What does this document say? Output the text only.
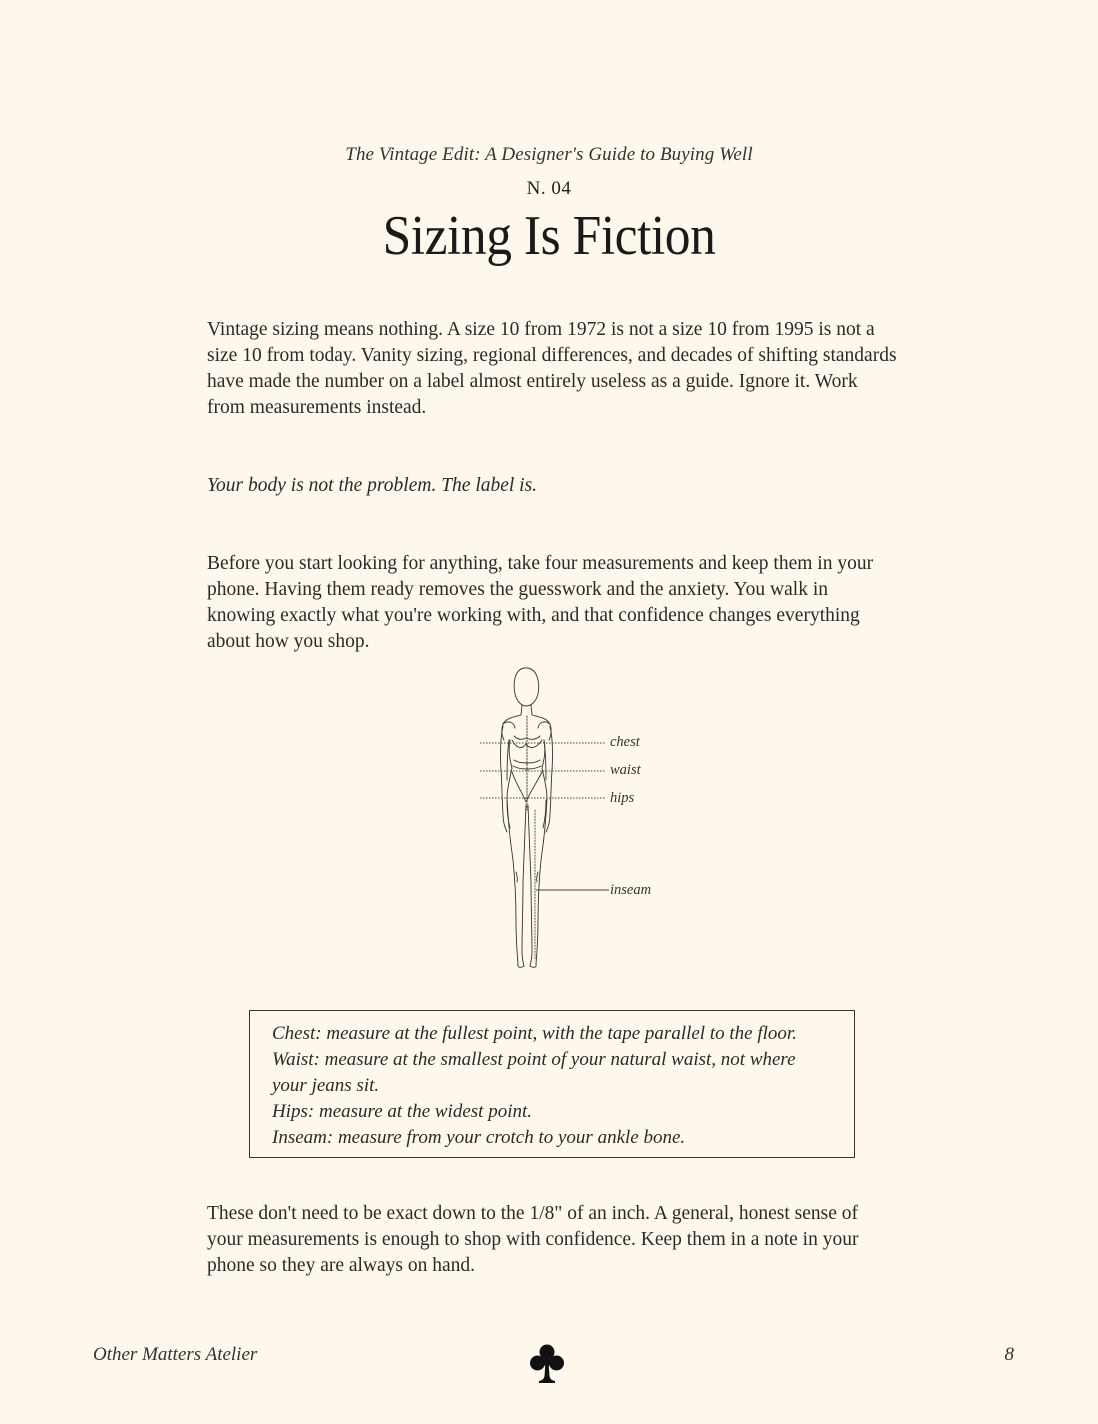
The Vintage Edit: A Designer's Guide to Buying Well
N. 04
Sizing Is Fiction

Vintage sizing means nothing. A size 10 from 1972 is not a size 10 from 1995 is not a size 10 from today. Vanity sizing, regional differences, and decades of shifting standards have made the number on a label almost entirely useless as a guide. Ignore it. Work from measurements instead.

Your body is not the problem. The label is.

Before you start looking for anything, take four measurements and keep them in your phone. Having them ready removes the guesswork and the anxiety. You walk in knowing exactly what you're working with, and that confidence changes everything about how you shop.

chest
waist
hips
inseam
Chest: measure at the fullest point, with the tape parallel to the floor.
Waist: measure at the smallest point of your natural waist, not where your jeans sit.
Hips: measure at the widest point.
Inseam: measure from your crotch to your ankle bone.

These don't need to be exact down to the 1/8" of an inch. A general, honest sense of your measurements is enough to shop with confidence. Keep them in a note in your phone so they are always on hand.

Other Matters Atelier	8
